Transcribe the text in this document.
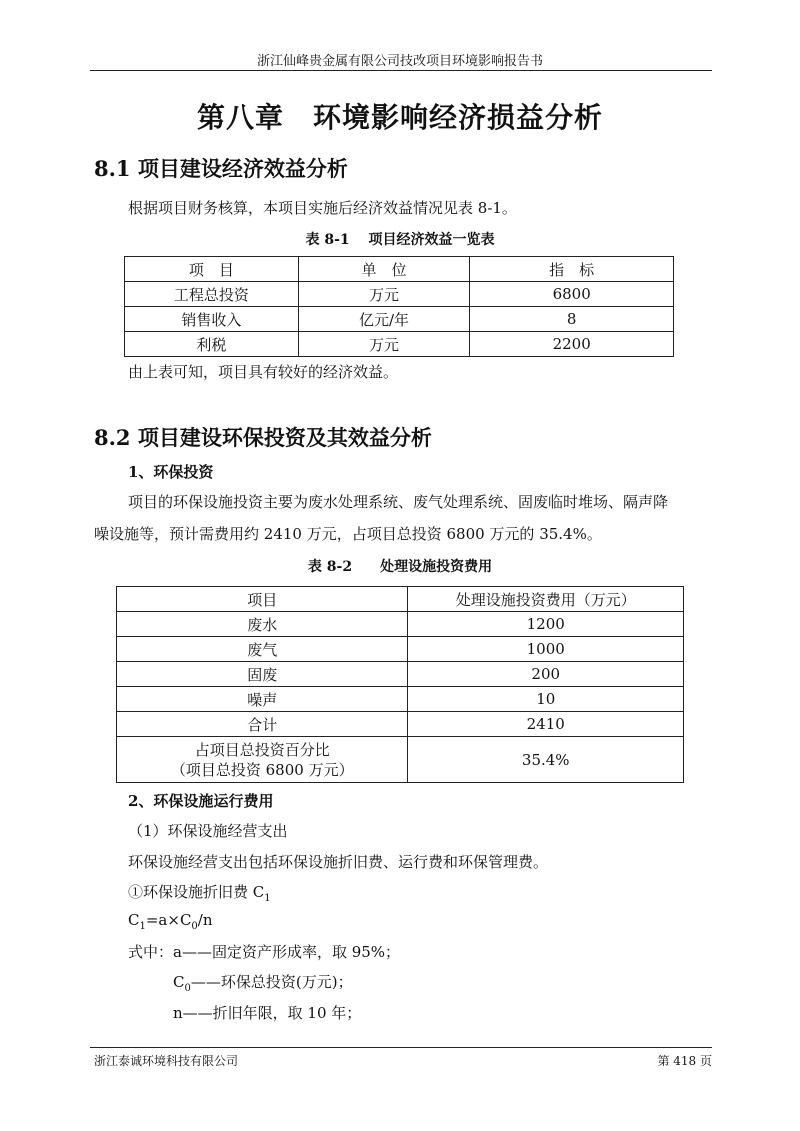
浙江仙峰贵金属有限公司技改项目环境影响报告书
第八章　环境影响经济损益分析
8.1 项目建设经济效益分析
根据项目财务核算，本项目实施后经济效益情况见表 8-1。
表 8-1　 项目经济效益一览表
项　目	单　位	指　标
工程总投资	万元	6800
销售收入	亿元/年	8
利税	万元	2200
由上表可知，项目具有较好的经济效益。
8.2 项目建设环保投资及其效益分析
1、环保投资
项目的环保设施投资主要为废水处理系统、废气处理系统、固废临时堆场、隔声降
噪设施等，预计需费用约 2410 万元，占项目总投资 6800 万元的 35.4%。
表 8-2　　处理设施投资费用
项目	处理设施投资费用（万元）
废水	1200
废气	1000
固废	200
噪声	10
合计	2410

占项目总投资百分比
（项目总投资 6800 万元）	35.4%
2、环保设施运行费用
（1）环保设施经营支出
环保设施经营支出包括环保设施折旧费、运行费和环保管理费。
①环保设施折旧费 $C_1$
$C_1=a\times C_0/n$
式中：a——固定资产形成率，取 95%；
$C_0——$环保总投资(万元)；
n——折旧年限，取 10 年；
浙江泰诚环境科技有限公司	第 418 页
